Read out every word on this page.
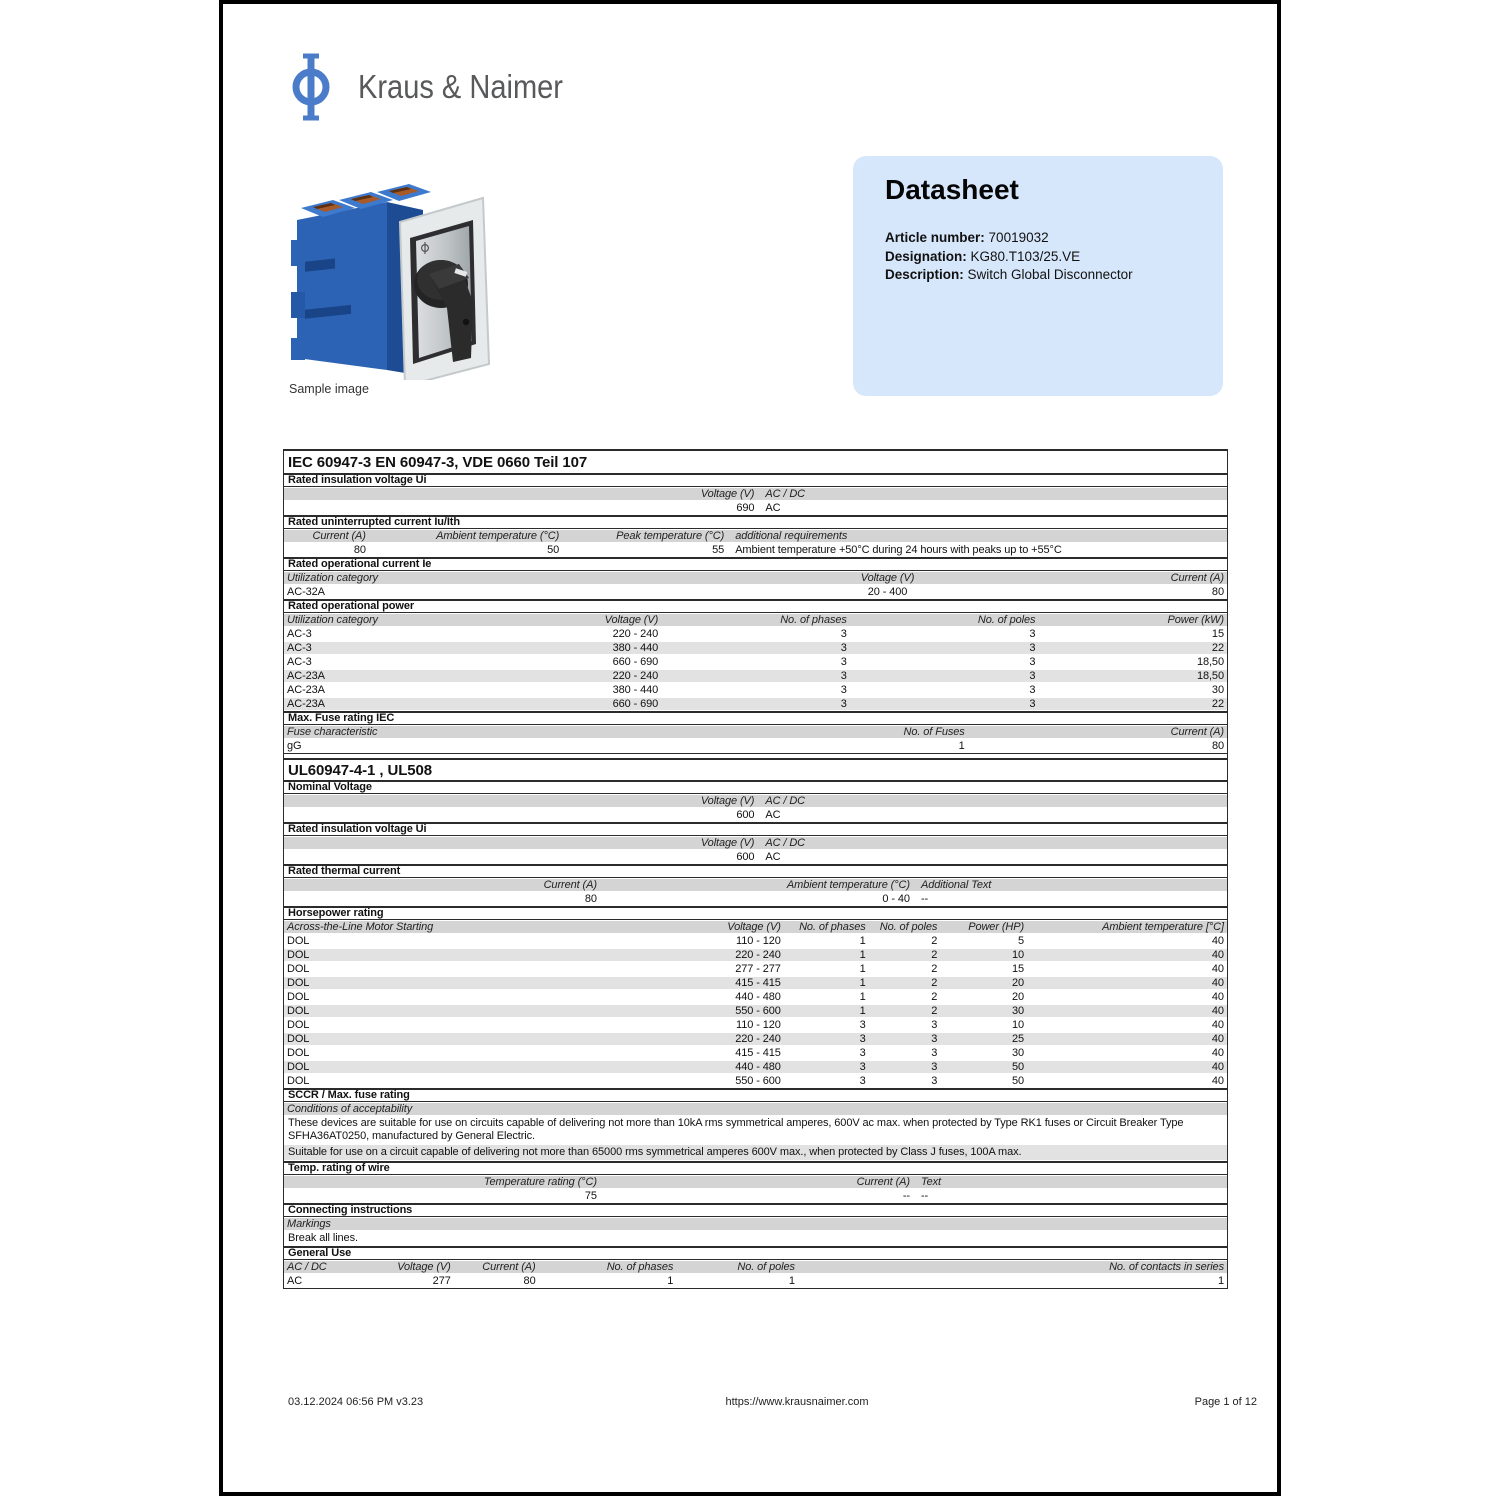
Kraus & Naimer
Sample image
Datasheet
Article number: 70019032
Designation: KG80.T103/25.VE
Description: Switch Global Disconnector
IEC 60947-3 EN 60947-3, VDE 0660 Teil 107
Rated insulation voltage Ui
Voltage (V)	AC / DC
690	AC
Rated uninterrupted current Iu/Ith
Current (A)	Ambient temperature (°C)	Peak temperature (°C)	additional requirements
80	50	55	Ambient temperature +50°C during 24 hours with peaks up to +55°C
Rated operational current Ie
Utilization category	Voltage (V)	Current (A)
AC-32A	20 - 400	80
Rated operational power
Utilization category	Voltage (V)	No. of phases	No. of poles	Power (kW)
AC-3	220 - 240	3	3	15
AC-3	380 - 440	3	3	22
AC-3	660 - 690	3	3	18,50
AC-23A	220 - 240	3	3	18,50
AC-23A	380 - 440	3	3	30
AC-23A	660 - 690	3	3	22
Max. Fuse rating IEC
Fuse characteristic	No. of Fuses	Current (A)
gG	1	80
UL60947-4-1 , UL508
Nominal Voltage
Voltage (V)	AC / DC
600	AC
Rated insulation voltage Ui
Voltage (V)	AC / DC
600	AC
Rated thermal current
Current (A)	Ambient temperature (°C)	Additional Text
80	0 - 40	--
Horsepower rating
Across-the-Line Motor Starting	Voltage (V)	No. of phases	No. of poles	Power (HP)	Ambient temperature [°C]
DOL	110 - 120	1	2	5	40
DOL	220 - 240	1	2	10	40
DOL	277 - 277	1	2	15	40
DOL	415 - 415	1	2	20	40
DOL	440 - 480	1	2	20	40
DOL	550 - 600	1	2	30	40
DOL	110 - 120	3	3	10	40
DOL	220 - 240	3	3	25	40
DOL	415 - 415	3	3	30	40
DOL	440 - 480	3	3	50	40
DOL	550 - 600	3	3	50	40
SCCR / Max. fuse rating
Conditions of acceptability
These devices are suitable for use on circuits capable of delivering not more than 10kA rms symmetrical amperes, 600V ac max. when protected by Type RK1 fuses or Circuit Breaker Type SFHA36AT0250, manufactured by General Electric.
Suitable for use on a circuit capable of delivering not more than 65000 rms symmetrical amperes 600V max., when protected by Class J fuses, 100A max.
Temp. rating of wire
Temperature rating (°C)	Current (A)	Text
75	--	--
Connecting instructions
Markings
Break all lines.
General Use
AC / DC	Voltage (V)	Current (A)	No. of phases	No. of poles	No. of contacts in series
AC	277	80	1	1	1
03.12.2024 06:56 PM v3.23	https://www.krausnaimer.com	Page 1 of 12
